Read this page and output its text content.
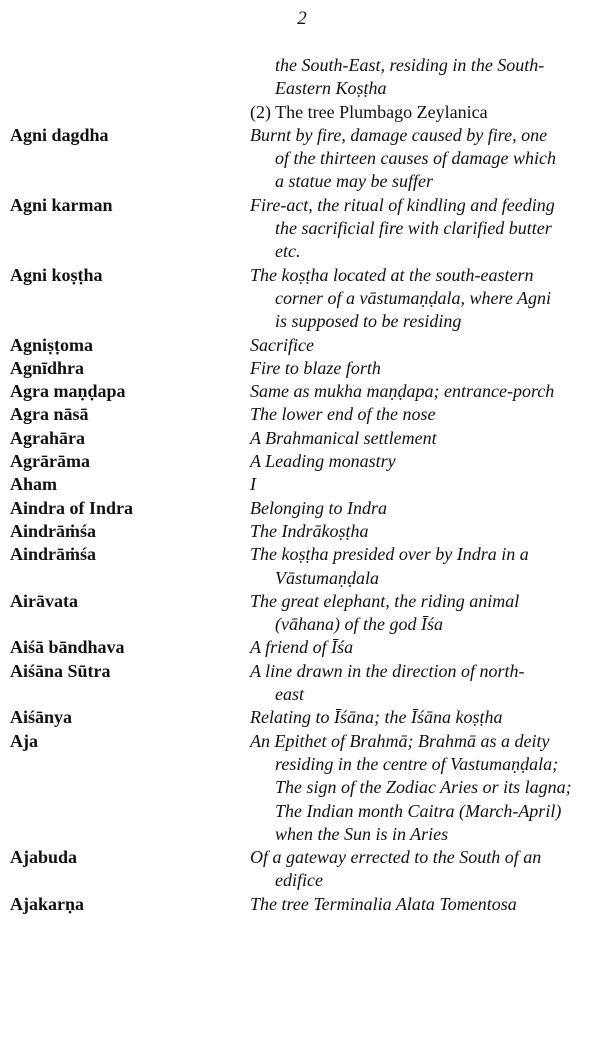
2
the South-East, residing in the South-
Eastern Koṣṭha
(2) The tree Plumbago Zeylanica
Agni dagdha	Burnt by fire, damage caused by fire, one
of the thirteen causes of damage which
a statue may be suffer
Agni karman	Fire-act, the ritual of kindling and feeding
the sacrificial fire with clarified butter
etc.
Agni koṣṭha	The koṣṭha located at the south-eastern
corner of a vāstumaṇḍala, where Agni
is supposed to be residing
Agniṣṭoma	Sacrifice
Agnīdhra	Fire to blaze forth
Agra maṇḍapa	Same as mukha maṇḍapa; entrance-porch
Agra nāsā	The lower end of the nose
Agrahāra	A Brahmanical settlement
Agrārāma	A Leading monastry
Aham	I
Aindra of Indra	Belonging to Indra
Aindrāṁśa	The Indrākoṣṭha
Aindrāṁśa	The koṣṭha presided over by Indra in a
Vāstumaṇḍala
Airāvata	The great elephant, the riding animal
(vāhana) of the god Īśa
Aiśā bāndhava	A friend of Īśa
Aiśāna Sūtra	A line drawn in the direction of north-
east
Aiśānya	Relating to Īśāna; the Īśāna koṣṭha
Aja	An Epithet of Brahmā; Brahmā as a deity
residing in the centre of Vastumaṇḍala;
The sign of the Zodiac Aries or its lagna;
The Indian month Caitra (March-April)
when the Sun is in Aries
Ajabuda	Of a gateway errected to the South of an
edifice
Ajakarṇa	The tree Terminalia Alata Tomentosa
